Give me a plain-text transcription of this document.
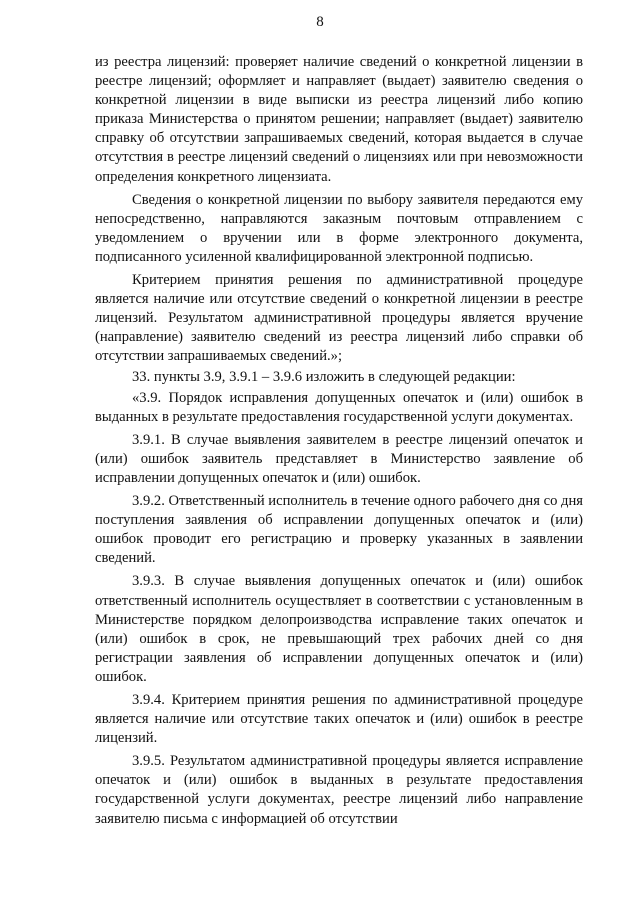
8

из реестра лицензий: проверяет наличие сведений о конкретной лицензии в реестре лицензий; оформляет и направляет (выдает) заявителю сведения о конкретной лицензии в виде выписки из реестра лицензий либо копию приказа Министерства о принятом решении; направляет (выдает) заявителю справку об отсутствии запрашиваемых сведений, которая выдается в случае отсутствия в реестре лицензий сведений о лицензиях или при невозможности определения конкретного лицензиата.

Сведения о конкретной лицензии по выбору заявителя передаются ему непосредственно, направляются заказным почтовым отправлением с уведомлением о вручении или в форме электронного документа, подписанного усиленной квалифицированной электронной подписью.

Критерием принятия решения по административной процедуре является наличие или отсутствие сведений о конкретной лицензии в реестре лицензий. Результатом административной процедуры является вручение (направление) заявителю сведений из реестра лицензий либо справки об отсутствии запрашиваемых сведений.»;

33. пункты 3.9, 3.9.1 – 3.9.6 изложить в следующей редакции:

«3.9. Порядок исправления допущенных опечаток и (или) ошибок в выданных в результате предоставления государственной услуги документах.

3.9.1. В случае выявления заявителем в реестре лицензий опечаток и (или) ошибок заявитель представляет в Министерство заявление об исправлении допущенных опечаток и (или) ошибок.

3.9.2. Ответственный исполнитель в течение одного рабочего дня со дня поступления заявления об исправлении допущенных опечаток и (или) ошибок проводит его регистрацию и проверку указанных в заявлении сведений.

3.9.3. В случае выявления допущенных опечаток и (или) ошибок ответственный исполнитель осуществляет в соответствии с установленным в Министерстве порядком делопроизводства исправление таких опечаток и (или) ошибок в срок, не превышающий трех рабочих дней со дня регистрации заявления об исправлении допущенных опечаток и (или) ошибок.

3.9.4. Критерием принятия решения по административной процедуре является наличие или отсутствие таких опечаток и (или) ошибок в реестре лицензий.

3.9.5. Результатом административной процедуры является исправление опечаток и (или) ошибок в выданных в результате предоставления государственной услуги документах, реестре лицензий либо направление заявителю письма с информацией об отсутствии
